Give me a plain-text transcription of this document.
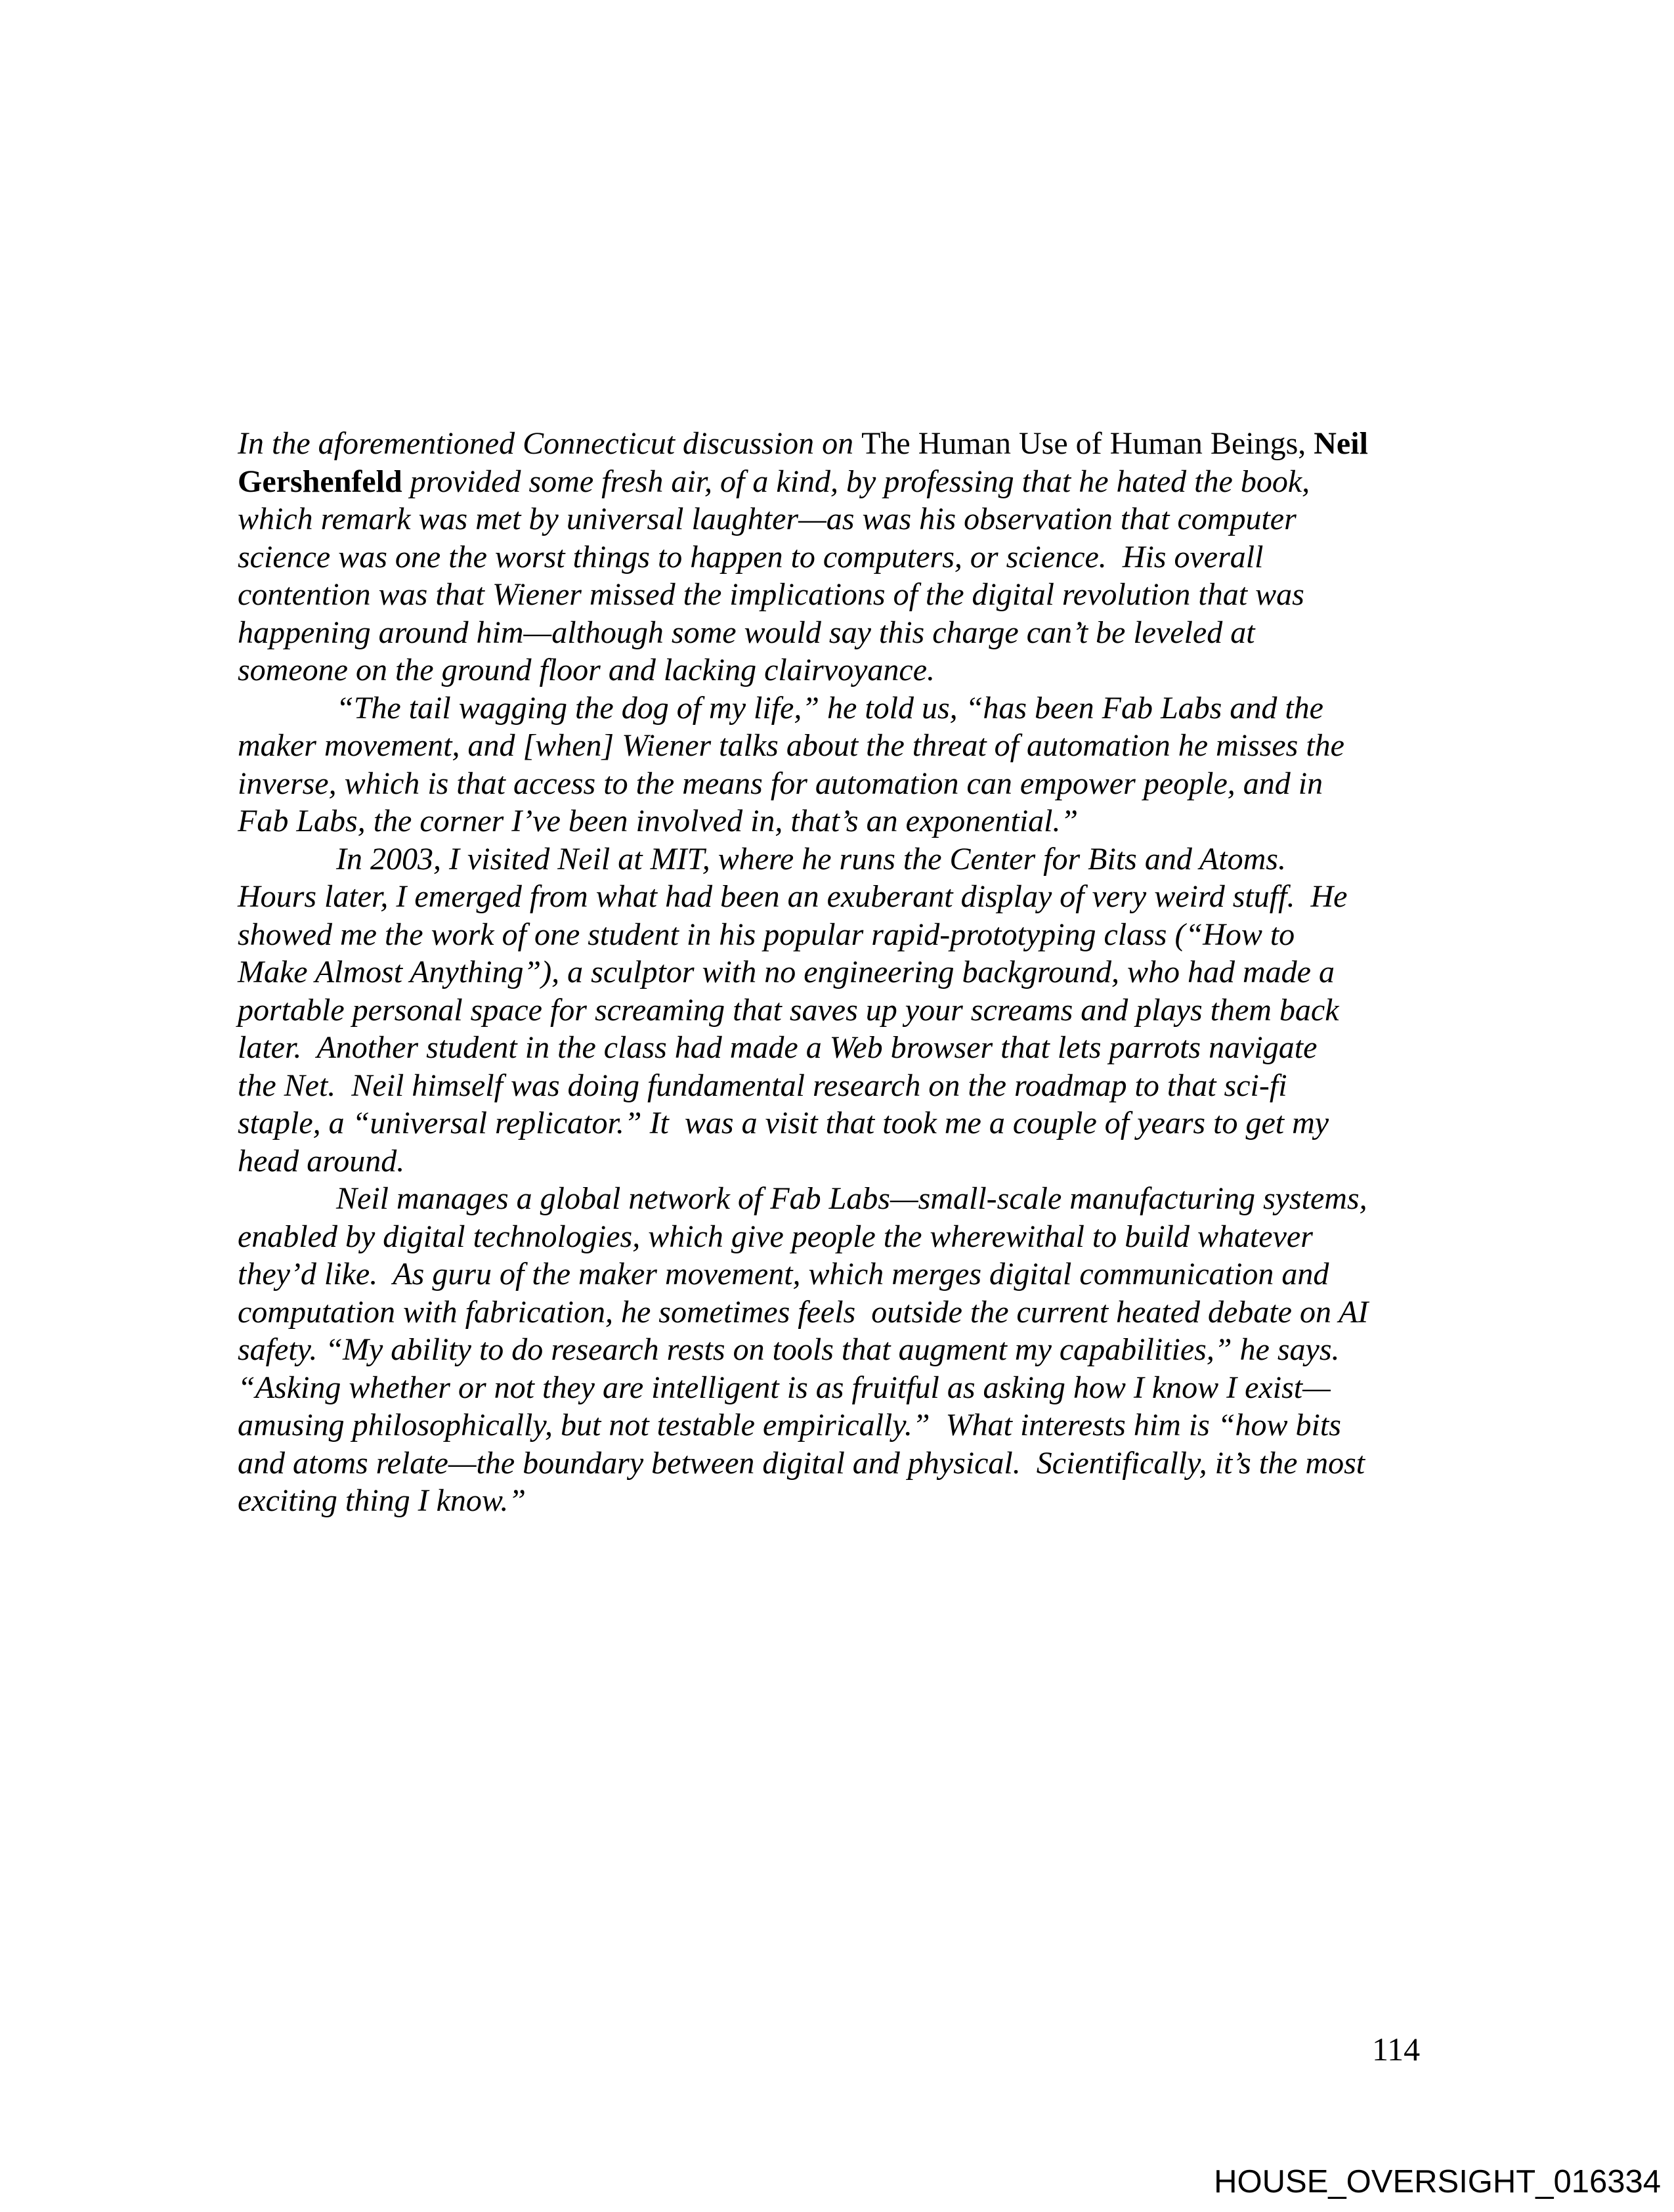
In the aforementioned Connecticut discussion on The Human Use of Human Beings, Neil
Gershenfeld provided some fresh air, of a kind, by professing that he hated the book,
which remark was met by universal laughter—as was his observation that computer
science was one the worst things to happen to computers, or science.  His overall
contention was that Wiener missed the implications of the digital revolution that was
happening around him—although some would say this charge can’t be leveled at
someone on the ground floor and lacking clairvoyance.
“The tail wagging the dog of my life,” he told us, “has been Fab Labs and the
maker movement, and [when] Wiener talks about the threat of automation he misses the
inverse, which is that access to the means for automation can empower people, and in
Fab Labs, the corner I’ve been involved in, that’s an exponential.”
In 2003, I visited Neil at MIT, where he runs the Center for Bits and Atoms.
Hours later, I emerged from what had been an exuberant display of very weird stuff.  He
showed me the work of one student in his popular rapid-prototyping class (“How to
Make Almost Anything”), a sculptor with no engineering background, who had made a
portable personal space for screaming that saves up your screams and plays them back
later.  Another student in the class had made a Web browser that lets parrots navigate
the Net.  Neil himself was doing fundamental research on the roadmap to that sci-fi
staple, a “universal replicator.” It  was a visit that took me a couple of years to get my
head around.
Neil manages a global network of Fab Labs—small-scale manufacturing systems,
enabled by digital technologies, which give people the wherewithal to build whatever
they’d like.  As guru of the maker movement, which merges digital communication and
computation with fabrication, he sometimes feels  outside the current heated debate on AI
safety. “My ability to do research rests on tools that augment my capabilities,” he says.
“Asking whether or not they are intelligent is as fruitful as asking how I know I exist—
amusing philosophically, but not testable empirically.”  What interests him is “how bits
and atoms relate—the boundary between digital and physical.  Scientifically, it’s the most
exciting thing I know.”
114
HOUSE_OVERSIGHT_016334
